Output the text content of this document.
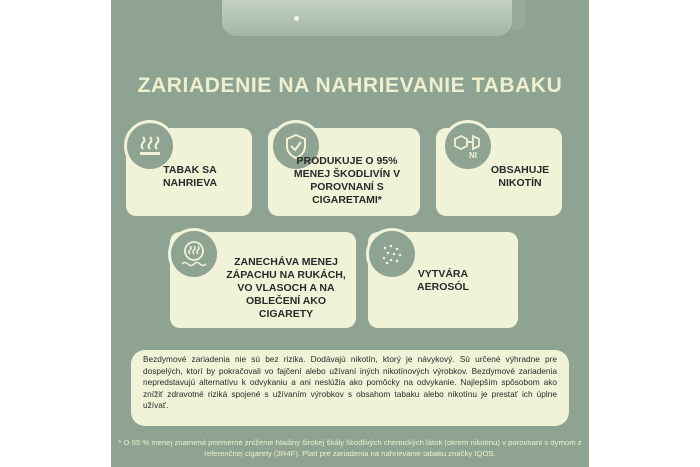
ZARIADENIE NA NAHRIEVANIE TABAKU
TABAK SA NAHRIEVA
PRODUKUJE O 95% MENEJ ŠKODLIVÍN V POROVNANÍ S CIGARETAMI*
NI
OBSAHUJE NIKOTÍN
ZANECHÁVA MENEJ ZÁPACHU NA RUKÁCH, VO VLASOCH A NA OBLEČENÍ AKO CIGARETY
VYTVÁRA AEROSÓL
Bezdymové zariadenia nie sú bez rizika. Dodávajú nikotín, ktorý je návykový. Sú určené výhradne pre dospelých, ktorí by pokračovali vo fajčení alebo užívaní iných nikotínových výrobkov. Bezdymové zariadenia nepredstavujú alternatívu k odvykaniu a ani neslúžia ako pomôcky na odvykanie. Najlepším spôsobom ako znížiť zdravotné riziká spojené s užívaním výrobkov s obsahom tabaku alebo nikotínu je prestať ich úplne užívať.
* O 95 % menej znamená priemerné zníženie hladiny širokej škály škodlivých chemických látok (okrem nikotínu) v porovnaní s dymom z referenčnej cigarety (3R4F). Platí pre zariadenia na nahrievanie tabaku značky IQOS.
